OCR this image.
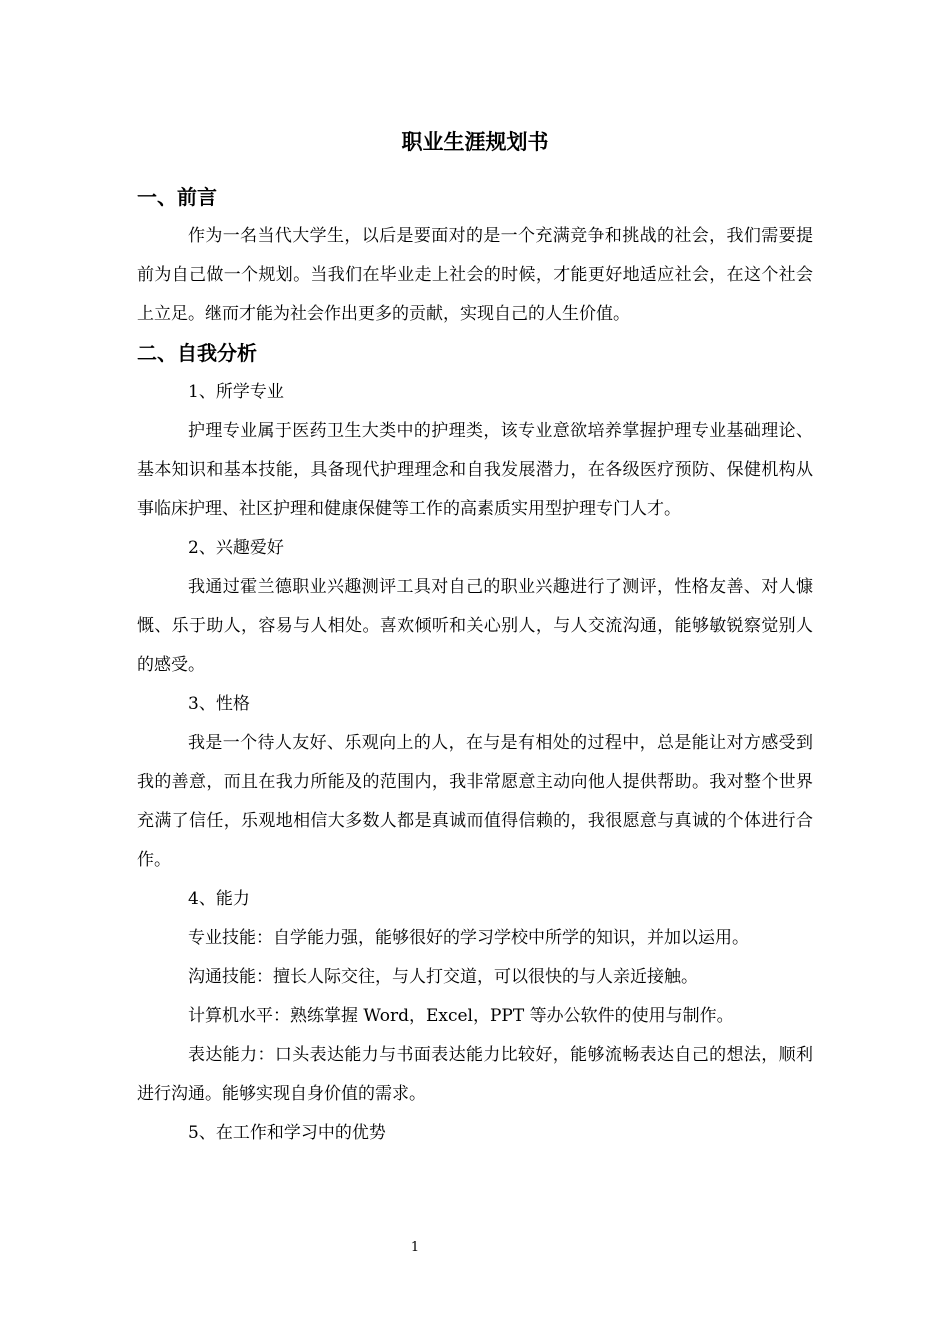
职业生涯规划书

一、前言

作为一名当代大学生，以后是要面对的是一个充满竞争和挑战的社会，我们需要提前为自己做一个规划。当我们在毕业走上社会的时候，才能更好地适应社会，在这个社会上立足。继而才能为社会作出更多的贡献，实现自己的人生价值。

二、自我分析

1、所学专业

护理专业属于医药卫生大类中的护理类，该专业意欲培养掌握护理专业基础理论、基本知识和基本技能，具备现代护理理念和自我发展潜力，在各级医疗预防、保健机构从事临床护理、社区护理和健康保健等工作的高素质实用型护理专门人才。

2、兴趣爱好

我通过霍兰德职业兴趣测评工具对自己的职业兴趣进行了测评，性格友善、对人慷慨、乐于助人，容易与人相处。喜欢倾听和关心别人，与人交流沟通，能够敏锐察觉别人的感受。

3、性格

我是一个待人友好、乐观向上的人，在与是有相处的过程中，总是能让对方感受到我的善意，而且在我力所能及的范围内，我非常愿意主动向他人提供帮助。我对整个世界充满了信任，乐观地相信大多数人都是真诚而值得信赖的，我很愿意与真诚的个体进行合作。

4、能力

专业技能：自学能力强，能够很好的学习学校中所学的知识，并加以运用。

沟通技能：擅长人际交往，与人打交道，可以很快的与人亲近接触。

计算机水平：熟练掌握 Word，Excel，PPT 等办公软件的使用与制作。

表达能力：口头表达能力与书面表达能力比较好，能够流畅表达自己的想法，顺利进行沟通。能够实现自身价值的需求。

5、在工作和学习中的优势

1
